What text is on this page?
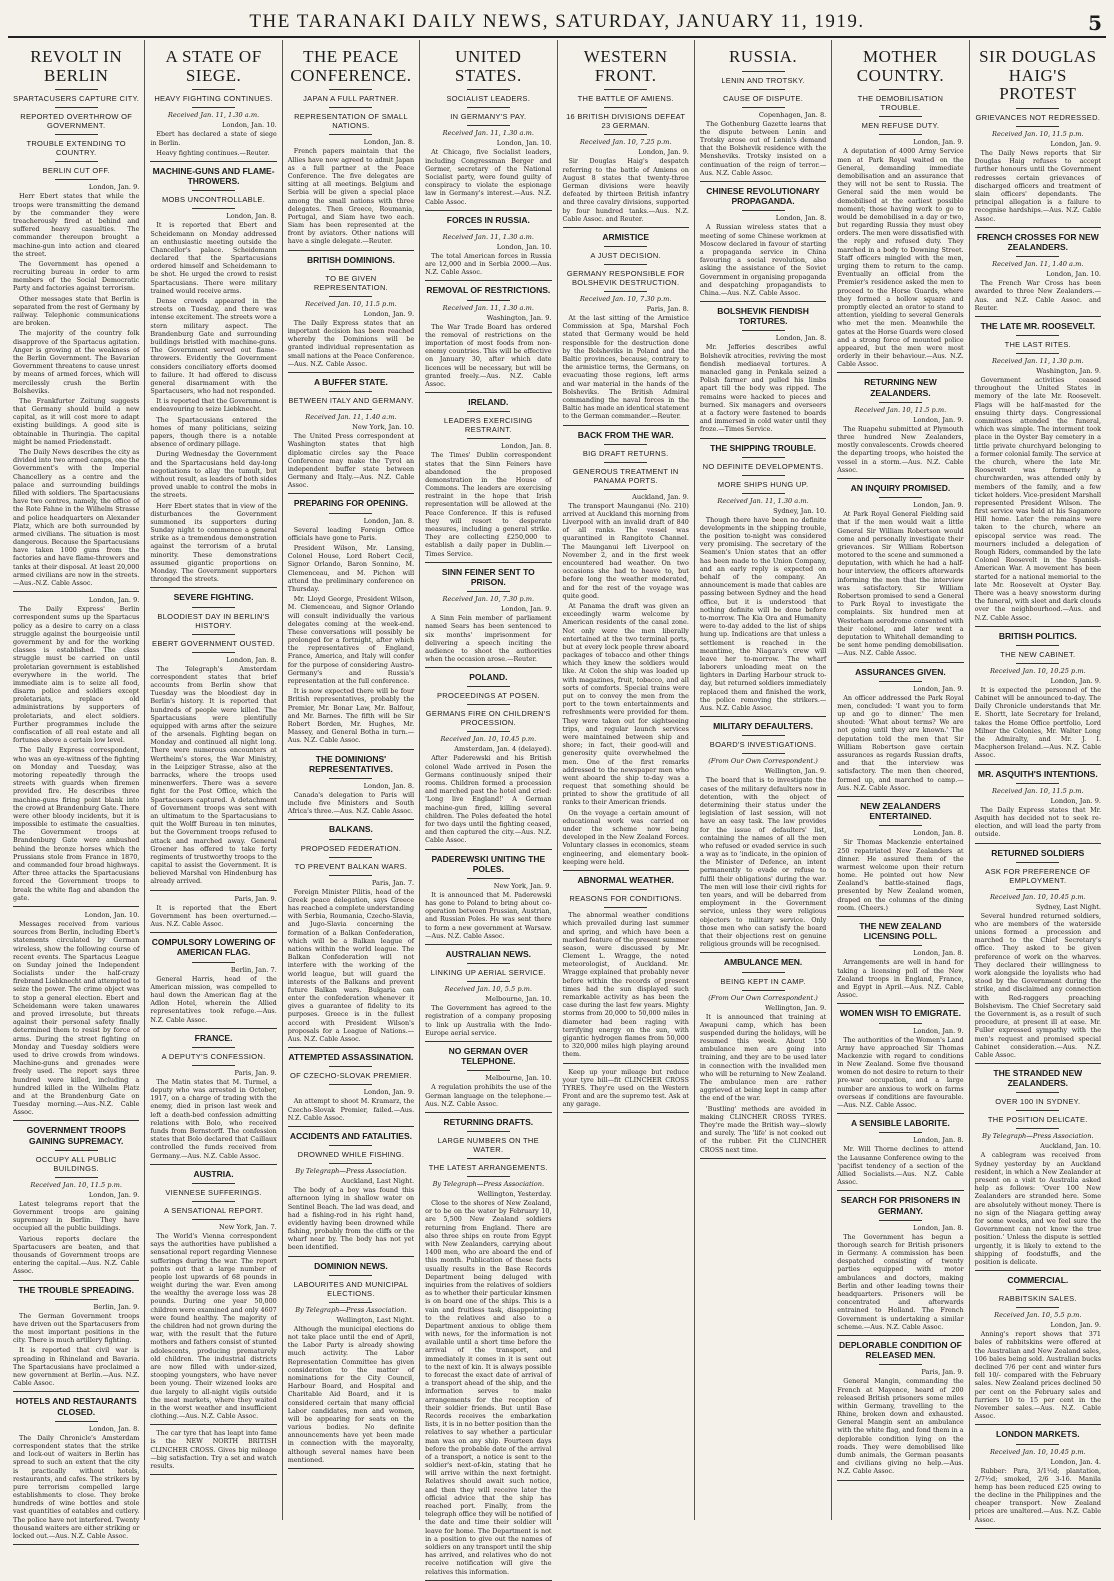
THE TARANAKI DAILY NEWS, SATURDAY, JANUARY 11, 1919.	5
REVOLT IN BERLIN
SPARTACUSERS CAPTURE CITY.
REPORTED OVERTHROW OF GOVERNMENT.
TROUBLE EXTENDING TO COUNTRY.
BERLIN CUT OFF.
London, Jan. 9.

Herr Ebert states that while the troops were transmitting the demand by the commander they were treacherously fired at behind and suffered heavy casualties. The commander thereupon brought a machine-gun into action and cleared the street.

The Government has opened a recruiting bureau in order to arm members of the Social Democratic Party and factories against terrorism.

Other messages state that Berlin is separated from the rest of Germany by railway. Telephonic communications are broken.

The majority of the country folk disapprove of the Spartacus agitation. Anger is growing at the weakness of the Berlin Government. The Bavarian Government threatens to cause unrest by means of armed forces, which will mercilessly crush the Berlin Bolsheviks.

The Frankfurter Zeitung suggests that Germany should build a new capital, as it will cost more to adapt existing buildings. A good site is obtainable in Thuringia. The capital might be named Friedenstadt.

The Daily News describes the city as divided into two armed camps, one the Government's with the Imperial Chancellery as a centre and the palace and surrounding buildings filled with soldiers. The Spartacusians have two centres, namely, the office of the Rote Fahne in the Wilhelm Strasse and police headquarters on Alexander Platz, which are both surrounded by armed civilians. The situation is most dangerous. Because the Spartacusians have taken 1000 guns from the factories and have flame-throwers and tanks at their disposal. At least 20,000 armed civilians are now in the streets.—Aus.-N.Z. Cable Assoc.

London, Jan. 9.

The Daily Express' Berlin correspondent sums up the Spartacus policy as a desire to carry on a class struggle against the bourgeoisie until government by and for the working classes is established. The class struggle must be carried on until proletarian government is established everywhere in the world. The immediate aim is to seize all food, disarm police and soldiers except proletariats, replace old administrations by supporters of proletariats, and elect soldiers. Further programmes include the confiscation of all real estate and all fortunes above a certain low level.

The Daily Express correspondent, who was an eye-witness of the fighting on Monday and Tuesday, was motoring repeatedly through the streets with guards when firemen provided fire. He describes three machine-guns firing point blank into the crowd at Brandenburg Gate. There were other bloody incidents, but it is impossible to estimate the casualties. The Government troops at Brandenburg Gate were ambushed behind the bronze horses which the Prussians stole from France in 1870, and commanded four broad highways. After three attacks the Spartacusians forced the Government troops to break the white flag and abandon the gate.

London, Jan. 10.

Messages received from various sources from Berlin, including Ebert's statements circulated by German wireless, show the following course of recent events. The Spartacus League on Sunday joined the Independent Socialists under the half-crazy firebrand Liebknecht and attempted to seize the power. The crime object was to stop a general election. Ebert and Scheidemann were taken unawares and proved irresolute, but threats against their personal safety finally determined them to resist by force of arms. During the street fighting on Monday and Tuesday soldiers were used to drive crowds from windows. Machine-guns and grenades were freely used. The report says three hundred were killed, including a hundred killed in the Wilhelm Platz and at the Brandenburg Gate on Tuesday morning.—Aus.-N.Z. Cable Assoc.

GOVERNMENT TROOPS GAINING SUPREMACY.
OCCUPY ALL PUBLIC BUILDINGS.
Received Jan. 10, 11.5 p.m.
London, Jan. 9.

Latest telegrams report that the Government troops are gaining supremacy in Berlin. They have occupied all the public buildings.

Various reports declare the Spartacusers are beaten, and that thousands of Government troops are entering the capital.—Aus. N.Z. Cable Assoc.

THE TROUBLE SPREADING.
Berlin, Jan. 9.

The German Government troops have driven out the Spartacusers from the most important positions in the city. There is much artillery fighting.

It is reported that civil war is spreading in Rhineland and Bavaria. The Spartacusians have proclaimed a new government at Berlin.—Aus. N.Z. Cable Assoc.

HOTELS AND RESTAURANTS CLOSED.
London, Jan. 8.

The Daily Chronicle's Amsterdam correspondent states that the strike and lock-out of waiters in Berlin has spread to such an extent that the city is practically without hotels, restaurants, and cafes. The strikers by pure terrorism compelled large establishments to close. They broke hundreds of wine bottles and stole vast quantities of eatables and cutlery. The police have not interfered. Twenty thousand waiters are either striking or locked out.—Aus. N.Z. Cable Assoc.

A STATE OF SIEGE.
HEAVY FIGHTING CONTINUES.
Received Jan. 11, 1.30 a.m.
London, Jan. 10.

Ebert has declared a state of siege in Berlin.

Heavy fighting continues.—Reuter.

MACHINE-GUNS AND FLAME-THROWERS.
MOBS UNCONTROLLABLE.
London, Jan. 8.

It is reported that Ebert and Scheidemann on Monday addressed an enthusiastic meeting outside the Chancellor's palace. Scheidemann declared that the Spartacusians ordered himself and Scheidemann to be shot. He urged the crowd to resist Spartacusians. There were military trained would receive arms.

Dense crowds appeared in the streets on Tuesday, and there was intense excitement. The streets wore a stern military aspect. The Brandenburg Gate and surrounding buildings bristled with machine-guns. The Government served out flame-throwers. Evidently the Government considers conciliatory efforts doomed to failure. It had offered to discuss general disarmament with the Spartacusers, who had not responded.

It is reported that the Government is endeavouring to seize Liebknecht.

The Spartacusians entered the homes of many politicians, seizing papers, though there is a notable absence of ordinary pillage.

During Wednesday the Government and the Spartacusians held day-long negotiations to allay the tumult, but without result, as leaders of both sides proved unable to control the mobs in the streets.

Herr Ebert states that in view of the disturbances the Government summoned its supporters during Sunday night to commence a general strike as a tremendous demonstration against the terrorism of a brutal minority. These demonstrations assumed gigantic proportions on Monday. The Government supporters thronged the streets.

SEVERE FIGHTING.
BLOODIEST DAY IN BERLIN'S HISTORY.
EBERT GOVERNMENT OUSTED.
London, Jan. 8.

The Telegraph's Amsterdam correspondent states that brief accounts from Berlin show that Tuesday was the bloodiest day in Berlin's history. It is reported that hundreds of people were killed. The Spartacusians were plentifully equipped with arms after the seizure of the arsenals. Fighting began on Monday and continued all night long. There were numerous encounters at Wertheim's stores, the War Ministry, in the Leipziger Strasse, also at the barracks, where the troops used minenwerfers. There was a severe fight for the Post Office, which the Spartacusers captured. A detachment of Government troops was sent with an ultimatum to the Spartacusians to quit the Wolff Bureau in ten minutes, but the Government troops refused to attack and marched away. General Groener has offered to take forty regiments of trustworthy troops to the capital to assist the Government. It is believed Marshal von Hindenburg has already arrived.

Paris, Jan. 9.

It is reported that the Ebert Government has been overturned.—Aus. N.Z. Cable Assoc.

COMPULSORY LOWERING OF AMERICAN FLAG.
Berlin, Jan. 7.

General Harris, head of the American mission, was compelled to haul down the American flag at the Adlon Hotel, wherein the Allied representatives took refuge.—Aus. N.Z. Cable Assoc.

FRANCE.
A DEPUTY'S CONFESSION.
Paris, Jan. 9.

The Matin states that M. Turmel, a deputy who was arrested in October, 1917, on a charge of trading with the enemy, died in prison last week and left a death-bed confession admitting relations with Bolo, who received funds from Bernstorff. The confession states that Bolo declared that Caillaux controlled the funds received from Germany.—Aus. N.Z. Cable Assoc.

AUSTRIA.
VIENNESE SUFFERINGS.
A SENSATIONAL REPORT.
New York, Jan. 7.

The World's Vienna correspondent says the authorities have published a sensational report regarding Viennese sufferings during the war. The report points out that a large number of people lost upwards of 68 pounds in weight during the war. Even among the wealthy the average loss was 28 pounds. During one year 50,000 children were examined and only 4607 were found healthy. The majority of the children had not grown during the war, with the result that the future mothers and fathers consist of stunted adolescents, producing prematurely old children. The industrial districts are now filled with under-sized, stooping youngsters, who have never been young. Their wizened looks are due largely to all-night vigils outside the meat markets, where they waited in the worst weather and insufficient clothing.—Aus. N.Z. Cable Assoc.

The car tyre that has leapt into fame is the NEW NORTH BRITISH CLINCHER CROSS. Gives big mileage—big satisfaction. Try a set and watch results.

THE PEACE CONFERENCE.
JAPAN A FULL PARTNER.
REPRESENTATION OF SMALL NATIONS.
London, Jan. 8.

French papers maintain that the Allies have now agreed to admit Japan as a full partner at the Peace Conference. The five delegates are sitting at all meetings. Belgium and Serbia will be given a special place among the small nations with three delegates. Then Greece, Roumania, Portugal, and Siam have two each. Siam has been represented at the front by aviators. Other nations will have a single delegate.—Reuter.

BRITISH DOMINIONS.
TO BE GIVEN REPRESENTATION.
Received Jan. 10, 11.5 p.m.
London, Jan. 9.

The Daily Express states that an important decision has been reached whereby the Dominions will be granted individual representation as small nations at the Peace Conference.—Aus. N.Z. Cable Assoc.

A BUFFER STATE.
BETWEEN ITALY AND GERMANY.
Received Jan. 11, 1.40 a.m.
New York, Jan. 10.

The United Press correspondent at Washington states that high diplomatic circles say the Peace Conference may make the Tyrol an independent buffer state between Germany and Italy.—Aus. N.Z. Cable Assoc.

PREPARING FOR OPENING.
London, Jan. 8.

Several leading Foreign Office officials have gone to Paris.

President Wilson, Mr. Lansing, Colonel House, Lord Robert Cecil, Signor Orlando, Baron Sonnino, M. Clemenceau, and M. Pichon will attend the preliminary conference on Thursday.

Mr. Lloyd George, President Wilson, M. Clemenceau, and Signor Orlando will consult individually the various delegates coming at the week-end. These conversations will possibly be prolonged for a fortnight, after which the representatives of England, France, America, and Italy will confer for the purpose of considering Austro-Germany's and Russia's representation at the full conference.

It is now expected there will be four British representatives, probably the Premier, Mr. Bonar Law, Mr. Balfour, and Mr. Barnes. The fifth will be Sir Robert Borden, Mr. Hughes, Mr. Massey, and General Botha in turn.—Aus. N.Z. Cable Assoc.

THE DOMINIONS' REPRESENTATIVES.
London, Jan. 8.

Canada's delegation to Paris will include five Ministers and South Africa's three.—Aus. N.Z. Cable Assoc.

BALKANS.
PROPOSED FEDERATION.
TO PREVENT BALKAN WARS.
Paris, Jan. 7.

Foreign Minister Pilitis, head of the Greek peace delegation, says Greece has reached a complete understanding with Serbia, Roumania, Czecho-Slavia, and Jugo-Slavia concerning the formation of a Balkan Confederation, which will be a Balkan league of nations within the world league. The Balkan Confederation will not interfere with the working of the world league, but will guard the interests of the Balkans and prevent future Balkan wars. Bulgaria can enter the confederation whenever it gives a guarantee of fidelity to its purposes. Greece is in the fullest accord with President Wilson's proposals for a League of Nations.—Aus. N.Z. Cable Assoc.

ATTEMPTED ASSASSINATION.
OF CZECHO-SLOVAK PREMIER.
London, Jan. 9.

An attempt to shoot M. Kramarz, the Czecho-Slovak Premier, failed.—Aus. N.Z. Cable Assoc.

ACCIDENTS AND FATALITIES.
DROWNED WHILE FISHING.
By Telegraph—Press Association.
Auckland, Last Night.

The body of a boy was found this afternoon lying in shallow water on Sentinel Beach. The lad was dead, and had a fishing-rod in his right hand, evidently having been drowned while fishing, probably from the cliffs or the wharf near by. The body has not yet been identified.

DOMINION NEWS.
LABOURITES AND MUNICIPAL ELECTIONS.
By Telegraph—Press Association.
Wellington, Last Night.

Although the municipal elections do not take place until the end of April, the Labor Party is already showing much activity. The Labor Representation Committee has given consideration to the matter of nominations for the City Council, Harbour Board, and Hospital and Charitable Aid Board, and it is considered certain that many official Labor candidates, men and women, will be appearing for seats on the various bodies. No definite announcements have yet been made in connection with the mayoralty, although several names have been mentioned.

UNITED STATES.
SOCIALIST LEADERS.
IN GERMANY'S PAY.
Received Jan. 11, 1.30 a.m.
London, Jan. 10.

At Chicago, five Socialist leaders, including Congressman Berger and Germer, secretary of the National Socialist party, were found guilty of conspiracy to violate the espionage law in Germany's interest.—Aus. N.Z. Cable Assoc.

FORCES IN RUSSIA.
Received Jan. 11, 1.30 a.m.
London, Jan. 10.

The total American forces in Russia are 12,000 and in Serbia 2000.—Aus. N.Z. Cable Assoc.

REMOVAL OF RESTRICTIONS.
Received Jan. 11, 1.30 a.m.
Washington, Jan. 9.

The War Trade Board has ordered the removal of restrictions on the importation of most foods from non-enemy countries. This will be effective on January 30, after which date licences will be necessary, but will be granted freely.—Aus. N.Z. Cable Assoc.

IRELAND.
LEADERS EXERCISING RESTRAINT.
London, Jan. 8.

The Times' Dublin correspondent states that the Sinn Feiners have abandoned the proposed demonstration in the House of Commons. The leaders are exercising restraint in the hope that Irish representation will be allowed at the Peace Conference. If this is refused they will resort to desperate measures, including a general strike. They are collecting £250,000 to establish a daily paper in Dublin.—Times Service.

SINN FEINER SENT TO PRISON.
Received Jan. 10, 7.30 p.m.
London, Jan. 9.

A Sinn Fein member of parliament named Sears has been sentenced to six months' imprisonment for delivering a speech inciting the audience to shoot the authorities when the occasion arose.—Reuter.

POLAND.
PROCEEDINGS AT POSEN.
GERMANS FIRE ON CHILDREN'S PROCESSION.
Received Jan. 10, 10.45 p.m.
Amsterdam, Jan. 4 (delayed).

After Paderewski and his British colonel Wade arrived in Posen the Germans continuously sniped their rooms. Children formed a procession and marched past the hotel and cried: 'Long live England!' A German machine-gun fired, killing several children. The Poles defeated the hotel for two days until the fighting ceased, and then captured the city.—Aus. N.Z. Cable Assoc.

PADEREWSKI UNITING THE POLES.
New York, Jan. 9.

It is announced that M. Paderewski has gone to Poland to bring about co-operation between Prussian, Austrian, and Russian Poles. He was sent there to form a new government at Warsaw.—Aus. N.Z. Cable Assoc.

AUSTRALIAN NEWS.
LINKING UP AERIAL SERVICE.
Received Jan. 10, 5.5 p.m.
Melbourne, Jan. 10.

The Government has agreed to the registration of a company proposing to link up Australia with the Indo-Europe aerial service.

NO GERMAN OVER TELEPHONE.
Melbourne, Jan. 10.

A regulation prohibits the use of the German language on the telephone.—Aus. N.Z. Cable Assoc.

RETURNING DRAFTS.
LARGE NUMBERS ON THE WATER.
THE LATEST ARRANGEMENTS.
By Telegraph—Press Association.
Wellington, Yesterday.

Close to the shores of New Zealand, or to be on the water by February 10, are 5,500 New Zealand soldiers returning from England. There are also three ships en route from Egypt with New Zealanders, carrying about 1400 men, who are aboard the end of this month. Publication of these facts usually results in the Base Records Department being deluged with inquiries from the relatives of soldiers as to whether their particular kinsmen is on board one of the ships. This is a vain and fruitless task, disappointing to the relatives and also to a Department anxious to oblige them with news, for the information is not available until a short time before the arrival of the transport, and immediately it comes in it is sent out to the next of kin. It is always possible to forecast the exact date of arrival of a transport ahead of the ship, and the information serves to make arrangements for the reception of their soldier friends. But until Base Records receives the embarkation lists, it is in no better position than the relatives to say whether a particular man was on any ship. Fourteen days before the probable date of the arrival of a transport, a notice is sent to the soldier's next-of-kin, stating that he will arrive within the next fortnight. Relatives should await such notice, and then they will receive later the official advice that the ship has reached port. Finally, from the telegraph office they will be notified of the date and time their soldier will leave for home. The Department is not in a position to give out the names of soldiers on any transport until the ship has arrived, and relatives who do not receive notification will give the relatives this information.

WESTERN FRONT.
THE BATTLE OF AMIENS.
16 BRITISH DIVISIONS DEFEAT 23 GERMAN.
Received Jan. 10, 7.25 p.m.
London, Jan. 9.

Sir Douglas Haig's despatch referring to the battle of Amiens on August 8 states that twenty-three German divisions were heavily defeated by thirteen British infantry and three cavalry divisions, supported by four hundred tanks.—Aus. N.Z. Cable Assoc. and Reuter.

ARMISTICE
A JUST DECISION.
GERMANY RESPONSIBLE FOR BOLSHEVIK DESTRUCTION.
Received Jan. 10, 7.30 p.m.
Paris, Jan. 8.

At the last sitting of the Armistice Commission at Spa, Marshal Foch stated that Germany would be held responsible for the destruction done by the Bolsheviks in Poland and the Baltic provinces, because, contrary to the armistice terms, the Germans, on evacuating those regions, left arms and war material in the hands of the Bolsheviks. The British Admiral commanding the naval forces in the Baltic has made an identical statement to the German commander.—Reuter.

BACK FROM THE WAR.
BIG DRAFT RETURNS.
GENEROUS TREATMENT IN PANAMA PORTS.
Auckland, Jan. 9.

The transport Maunganui (No. 210) arrived at Auckland this morning from Liverpool with an invalid draft of 840 of all ranks. The vessel was quarantined in Rangitoto Channel. The Maunganui left Liverpool on November 2, and in the first week encountered bad weather. On two occasions she had to heave to, but before long the weather moderated, and for the rest of the voyage was quite good.

At Panama the draft was given an exceedingly warm welcome by American residents of the canal zone. Not only were the men liberally entertained at the two terminal ports, but at every lock people threw aboard packages of tobacco and other things which they knew the soldiers would like. At Colon the ship was loaded up with magazines, fruit, tobacco, and all sorts of comforts. Special trains were put on to convey the men from the port to the town entertainments and refreshments were provided for them. They were taken out for sightseeing trips, and regular launch services were maintained between ship and shore; in fact, their good-will and generosity quite overwhelmed the men. One of the first remarks addressed to the newspaper men who went aboard the ship to-day was a request that something should be printed to show the gratitude of all ranks to their American friends.

On the voyage a certain amount of educational work was carried on under the scheme now being developed in the New Zealand Forces. Voluntary classes in economics, steam engineering, and elementary book-keeping were held.

ABNORMAL WEATHER.
REASONS FOR CONDITIONS.

The abnormal weather conditions which prevailed during last summer and spring, and which have been a marked feature of the present summer season, were discussed by Mr. Clement L. Wragge, the noted meteorologist, of Auckland. Mr. Wragge explained that probably never before within the records of present times had the sun displayed such remarkable activity as has been the case during the last few years. Mighty storms from 20,000 to 50,000 miles in diameter had been raging with terrifying energy on the sun, with gigantic hydrogen flames from 50,000 to 320,000 miles high playing around them.

Keep up your mileage but reduce your tyre bill—fit CLINCHER CROSS TYRES. They're used on the Western Front and are the supremo test. Ask at any garage.

RUSSIA.
LENIN AND TROTSKY.
CAUSE OF DISPUTE.
Copenhagen, Jan. 8.

The Gothenburg Gazette learns that the dispute between Lenin and Trotsky arose out of Lenin's demand that the Bolshevik residence with the Mensheviks. Trotsky insisted on a continuation of the reign of terror.—Aus. N.Z. Cable Assoc.

CHINESE REVOLUTIONARY PROPAGANDA.
London, Jan. 8.

A Russian wireless states that a meeting of some Chinese workmen at Moscow declared in favour of starting a propaganda service in China favouring a social revolution, also asking the assistance of the Soviet Government in organising propaganda and despatching propagandists to China.—Aus. N.Z. Cable Assoc.

BOLSHEVIK FIENDISH TORTURES.
London, Jan. 8.

Mr. Jefferies describes awful Bolshevik atrocities, reviving the most fiendish mediaeval tortures. A manacled gang in Penkala seized a Polish farmer and pulled his limbs apart till the body was ripped. The remains were hacked to pieces and burned. Six managers and overseers at a factory were fastened to boards and immersed in cold water until they froze.—Times Service.

THE SHIPPING TROUBLE.
NO DEFINITE DEVELOPMENTS.
MORE SHIPS HUNG UP.
Received Jan. 11, 1.30 a.m.
Sydney, Jan. 10.

Though there have been no definite developments in the shipping trouble, the position to-night was considered very promising. The secretary of the Seamen's Union states that an offer has been made to the Union Company, and an early reply is expected on behalf of the company. An announcement is made that cables are passing between Sydney and the head office, but it is understood that nothing definite will be done before to-morrow. The Kia Ora and Humanity were to-day added to the list of ships hung up. Indications are that unless a settlement is reached in the meantime, the Niagara's crew will leave her to-morrow. The wharf laborers unloading meat on the lighters in Darling Harbour struck to-day, but returned soldiers immediately replaced them and finished the work, the police removing the strikers.—Aus. N.Z. Cable Assoc.

MILITARY DEFAULTERS.
BOARD'S INVESTIGATIONS.
(From Our Own Correspondent.)
Wellington, Jan. 9.

The board that is to investigate the cases of the military defaulters now in detention, with the object of determining their status under the legislation of last session, will not have an easy task. The law provides for the issue of defaulters' list, containing the names of all the men who refused or evaded service in such a way as to 'indicate, in the opinion of the Minister of Defence, an intent permanently to evade or refuse to fulfil their obligations' during the war. The men will lose their civil rights for ten years, and will be debarred from employment in the Government service, unless they were religious objectors to military service. Only those men who can satisfy the board that their objections rest on genuine religious grounds will be recognised.

AMBULANCE MEN.
BEING KEPT IN CAMP.
(From Our Own Correspondent.)
Wellington, Jan. 9.

It is announced that training at Awapuni camp, which has been suspended during the holidays, will be resumed this week. About 150 ambulance men are going into training, and they are to be used later in connection with the invalided men who will be returning to New Zealand. The ambulance men are rather aggrieved at being kept in camp after the end of the war.

'Bustling' methods are avoided in making CLINCHER CROSS TYRES. They're made the British way—slowly and surely. The 'life' is not cooked out of the rubber. Fit the CLINCHER CROSS next time.

MOTHER COUNTRY.
THE DEMOBILISATION TROUBLE.
MEN REFUSE DUTY.
London, Jan. 9.

A deputation of 4000 Army Service men at Park Royal waited on the General, demanding immediate demobilisation and an assurance that they will not be sent to Russia. The General said the men would be demobilised at the earliest possible moment; those having work to go to would be demobilised in a day or two, but regarding Russia they must obey orders. The men were dissatisfied with the reply and refused duty. They marched in a body to Downing Street. Staff officers mingled with the men, urging them to return to the camp. Eventually an official from the Premier's residence asked the men to proceed to the Horse Guards, where they formed a hollow square and promptly elected an orator to stand to attention, yielding to several Generals who met the men. Meanwhile the gates at the Horse Guards were closed and a strong force of mounted police appeared, but the men were most orderly in their behaviour.—Aus. N.Z. Cable Assoc.

RETURNING NEW ZEALANDERS.
Received Jan. 10, 11.5 p.m.
London, Jan. 9.

The Ruapehu submitted at Plymouth three hundred New Zealanders, mostly convalescents. Crowds cheered the departing troops, who hoisted the vessel in a storm.—Aus. N.Z. Cable Assoc.

AN INQUIRY PROMISED.
London, Jan. 9.

At Park Royal General Fielding said that if the men would wait a little General Sir William Robertson would come and personally investigate their grievances. Sir William Robertson motored to the scene and summoned a deputation, with which he had a half-hour interview, the officers afterwards informing the men that the interview was satisfactory. Sir William Robertson promised to send a General to Park Royal to investigate the complaints. Six hundred men at Westerham aerodrome consented with their colonel, and later went a deputation to Whitehall demanding to be sent home pending demobilisation.—Aus. N.Z. Cable Assoc.

ASSURANCES GIVEN.
London, Jan. 9.

An officer addressed the Park Royal men, concluded: 'I want you to form up and go to dinner.' The men shouted: 'What about terms? We are not going until they are known.' The deputation told the men that Sir William Robertson gave certain assurances as regards Russian drafts, and that the interview was satisfactory. The men then cheered, formed up, and marched to camp.—Aus. N.Z. Cable Assoc.

NEW ZEALANDERS ENTERTAINED.
London, Jan. 8.

Sir Thomas Mackenzie entertained 250 repatriated New Zealanders at dinner. He assured them of the warmest welcome upon their return home. He pointed out how New Zealand's battle-stained flags, presented by New Zealand women, draped on the columns of the dining room. (Cheers.)

THE NEW ZEALAND LICENSING POLL.
London, Jan. 8.

Arrangements are well in hand for taking a licensing poll of the New Zealand troops in England, France, and Egypt in April.—Aus. N.Z. Cable Assoc.

WOMEN WISH TO EMIGRATE.
London, Jan. 9.

The authorities of the Women's Land Army have approached Sir Thomas Mackenzie with regard to conditions in New Zealand. Some five thousand women do not desire to return to their pre-war occupation, and a large number are anxious to work on farms overseas if conditions are favourable.—Aus. N.Z. Cable Assoc.

A SENSIBLE LABORITE.
London, Jan. 8.

Mr. Will Thorne declines to attend the Lausanne Conference owing to the 'pacifist tendency of a section of the Allied Socialists.—Aus. N.Z. Cable Assoc.

SEARCH FOR PRISONERS IN GERMANY.
London, Jan. 8.

The Government has begun a thorough search for British prisoners in Germany. A commission has been despatched consisting of twenty parties equipped with motor ambulances and doctors, making Berlin and other leading towns their headquarters. Prisoners will be concentrated and afterwards entrained to Holland. The French Government is undertaking a similar scheme.—Aus. N.Z. Cable Assoc.

DEPLORABLE CONDITION OF RELEASED MEN.
Paris, Jan. 9.

General Mangin, commanding the French at Mayence, heard of 200 released British prisoners some miles within Germany, travelling to the Rhine, broken down and exhausted. General Mangin sent an ambulance with the white flag, and fond them in a deplorable condition lying on the roads. They were demobilised like dumb animals, the German peasants and civilians giving no help.—Aus. N.Z. Cable Assoc.

SIR DOUGLAS HAIG'S PROTEST
GRIEVANCES NOT REDRESSED.
Received Jan. 10, 11.5 p.m.
London, Jan. 9.

The Daily News reports that Sir Douglas Haig refuses to accept further honours until the Government redresses certain grievances of discharged officers and treatment of slain officers' dependants. The principal allegation is a failure to recognise hardships.—Aus. N.Z. Cable Assoc.

FRENCH CROSSES FOR NEW ZEALANDERS.
Received Jan. 11, 1.40 a.m.
London, Jan. 10.

The French War Cross has been awarded to three New Zealanders.—Aus. and N.Z. Cable Assoc. and Reuter.

THE LATE MR. ROOSEVELT.
THE LAST RITES.
Received Jan. 11, 1.30 p.m.
Washington, Jan. 9.

Government activities ceased throughout the United States in memory of the late Mr. Roosevelt. Flags will be half-masted for the ensuing thirty days. Congressional committees attended the funeral, which was simple. The interment took place in the Oyster Bay cemetery in a little private churchyard belonging to a former colonial family. The service at the church, where the late Mr. Roosevelt was formerly a churchwarden, was attended only by members of the family, and a few ticket holders. Vice-president Marshall represented President Wilson. The first service was held at his Sagamore Hill home. Later the remains were taken to the church, where an episcopal service was read. The mourners included a delegation of Rough Riders, commanded by the late Colonel Roosevelt in the Spanish-American War. A movement has been started for a national memorial to the late Mr. Roosevelt at Oyster Bay. There was a heavy snowstorm during the funeral, with sleet and dark clouds over the neighbourhood.—Aus. and N.Z. Cable Assoc.

BRITISH POLITICS.
THE NEW CABINET.
Received Jan. 10, 10.25 p.m.
London, Jan. 9.

It is expected the personnel of the Cabinet will be announced to-day. The Daily Chronicle understands that Mr. E. Shortt, late Secretary for Ireland, takes the Home Office portfolio, Lord Milner the Colonies, Mr. Walter Long the Admiralty, and Mr. J. I. Macpherson Ireland.—Aus. N.Z. Cable Assoc.

MR. ASQUITH'S INTENTIONS.
Received Jan. 10, 11.5 p.m.
London, Jan. 9.

The Daily Express states that Mr. Asquith has decided not to seek re-election, and will lead the party from outside.

RETURNED SOLDIERS
ASK FOR PREFERENCE OF EMPLOYMENT.
Received Jan. 10, 10.45 p.m.
Sydney, Last Night.

Several hundred returned soldiers, who are members of the waterside unions formed a procession and marched to the Chief Secretary's office. They asked to be given preference of work on the wharves. They declared their willingness to work alongside the loyalists who had stood by the Government during the strike, and disclaimed any connection with Red-raggers preaching Bolshevism. The Chief Secretary said the Government is, as a result of such procedure, at present ill at ease. Mr. Fuller expressed sympathy with the men's request and promised special Cabinet consideration.—Aus. N.Z. Cable Assoc.

THE STRANDED NEW ZEALANDERS.
OVER 100 IN SYDNEY.
THE POSITION DELICATE.
By Telegraph—Press Association.
Auckland, Jan. 10.

A cablegram was received from Sydney yesterday by an Auckland resident, in which a New Zealander at present on a visit to Australia asked help as follows: 'Over 100 New Zealanders are stranded here. Some are absolutely without money. There is no sign of the Niagara getting away for some weeks, and we feel sure the Government can not know the true position.' Unless the dispute is settled urgently, it is likely to extend to the shipping of foodstuffs, and the position is delicate.

COMMERCIAL.
RABBITSKIN SALES.
Received Jan. 10, 5.5 p.m.
London, Jan. 9.

Anning's report shows that 371 bales of rabbitskins were offered at the Australian and New Zealand sales, 106 bales being sold. Australian bucks declined 7/6 per cent and winter furs fell 10/- compared with the February sales. New Zealand prices declined 50 per cent on the February sales and furriers 10 to 15 per cent in the November sales.—Aus. N.Z. Cable Assoc.

LONDON MARKETS.
Received Jan. 10, 10.45 p.m.
London, Jan. 4.

Rubber: Para, 3/1½d; plantation, 2/7½d; smoked, 2/6 3-16. Manila hemp has been reduced £25 owing to the decline in the Philippines and the cheaper transport. New Zealand prices are unaltered.—Aus. N.Z. Cable Assoc.
